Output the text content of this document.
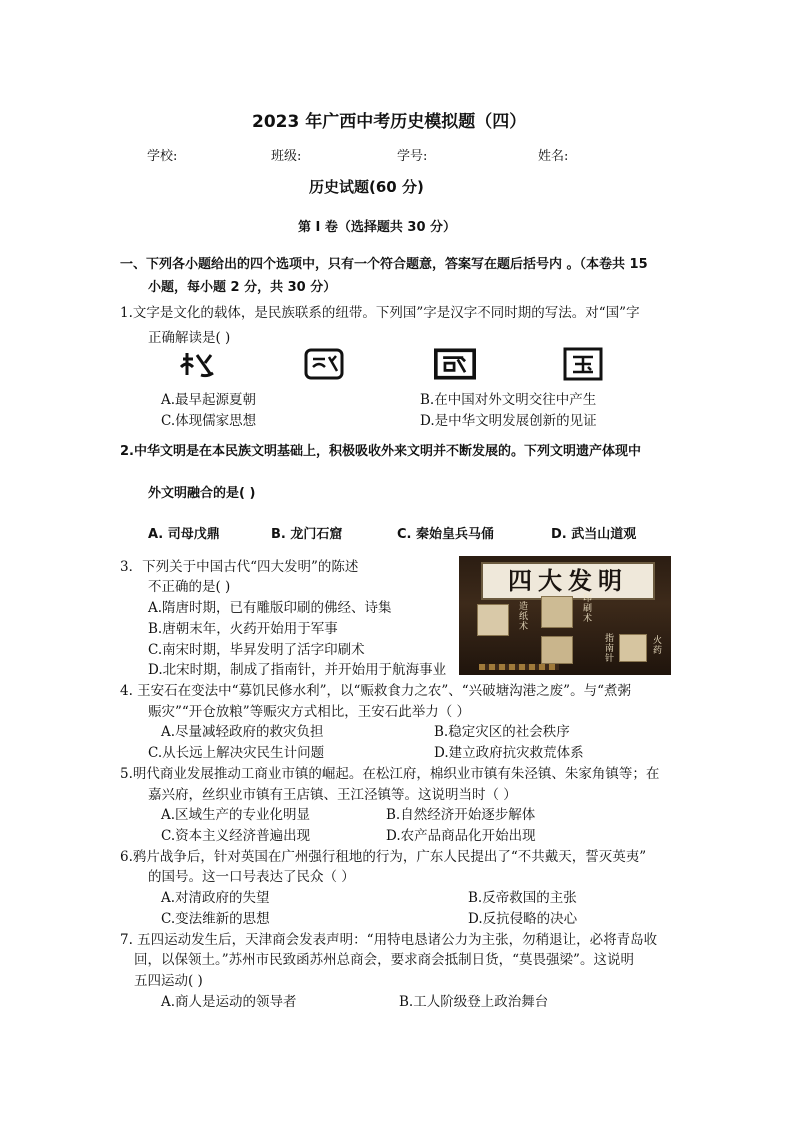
2023 年广西中考历史模拟题（四）
学校:	班级:	学号:	姓名:
历史试题(60 分)
第 Ⅰ 卷（选择题共 30 分）
一、下列各小题给出的四个选项中，只有一个符合题意，答案写在题后括号内 。（本卷共 15
小题，每小题 2 分，共 30 分）
1.文字是文化的载体，是民族联系的纽带。下列国”字是汉字不同时期的写法。对“国”字
正确解读是( )
A.最早起源夏朝	B.在中国对外文明交往中产生
C.体现儒家思想	D.是中华文明发展创新的见证
2.中华文明是在本民族文明基础上，积极吸收外来文明并不断发展的。下列文明遗产体现中
外文明融合的是( )
A. 司母戊鼎	B. 龙门石窟	C. 秦始皇兵马俑	D. 武当山道观
3．下列关于中国古代“四大发明”的陈述
不正确的是( )
A.隋唐时期，已有雕版印刷的佛经、诗集
B.唐朝末年，火药开始用于军事
C.南宋时期，毕昇发明了活字印刷术
D.北宋时期，制成了指南针，并开始用于航海事业
四大发明
造纸术
印刷术
指南针
火药
4. 王安石在变法中“募饥民修水利”，以“赈救食力之农”、“兴破塘沟港之废”。与“煮粥
赈灾”“开仓放粮”等赈灾方式相比，王安石此举力（ ）
A.尽量减轻政府的救灾负担	B.稳定灾区的社会秩序
C.从长远上解决灾民生计问题	D.建立政府抗灾救荒体系
5.明代商业发展推动工商业市镇的崛起。在松江府，棉织业市镇有朱泾镇、朱家角镇等；在
嘉兴府，丝织业市镇有王店镇、王江泾镇等。这说明当时（ ）
A.区域生产的专业化明显	B.自然经济开始逐步解体
C.资本主义经济普遍出现	D.农产品商品化开始出现
6.鸦片战争后，针对英国在广州强行租地的行为，广东人民提出了“不共戴天，誓灭英夷”
的国号。这一口号表达了民众（ ）
A.对清政府的失望	B.反帝救国的主张
C.变法维新的思想	D.反抗侵略的决心
7. 五四运动发生后，天津商会发表声明：“用特电恳诸公力为主张，勿稍退让，必将青岛收
回，以保领土。”苏州市民致函苏州总商会，要求商会抵制日货，“莫畏强梁”。这说明
五四运动( )
A.商人是运动的领导者	B.工人阶级登上政治舞台
